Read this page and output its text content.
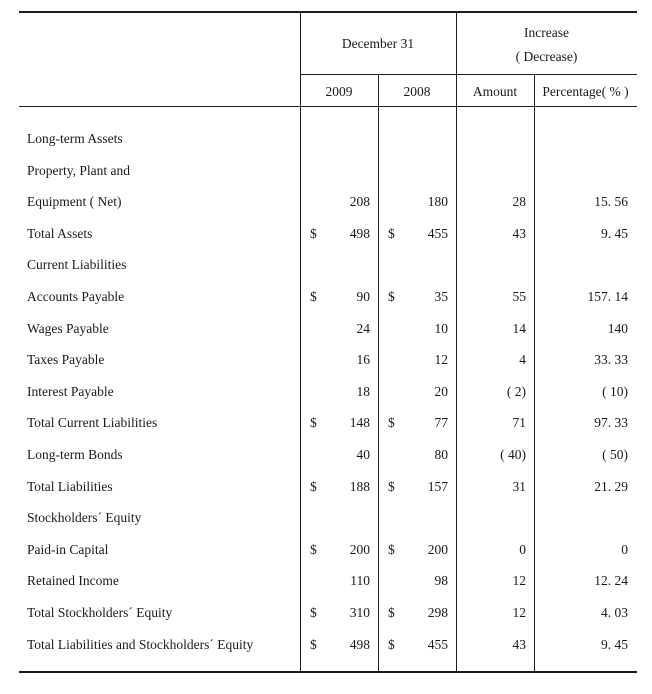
December 31
Increase
( Decrease)
2009	2008	Amount	Percentage( % )
Long-term Assets
Property, Plant and
Equipment ( Net)	208	180	28	15. 56
Total Assets	$	498 $	455	43	9. 45
Current Liabilities
Accounts Payable	$	90 $	35	55	157. 14
Wages Payable	24	10	14	140
Taxes Payable	16	12	4	33. 33
Interest Payable	18	20	( 2)	( 10)
Total Current Liabilities	$	148 $	77	71	97. 33
Long-term Bonds	40	80	( 40)	( 50)
Total Liabilities	$	188 $	157	31	21. 29
Stockholders´ Equity
Paid-in Capital	$	200 $	200	0	0
Retained Income	110	98	12	12. 24
Total Stockholders´ Equity	$	310 $	298	12	4. 03
Total Liabilities and Stockholders´ Equity	$	498 $	455	43	9. 45
